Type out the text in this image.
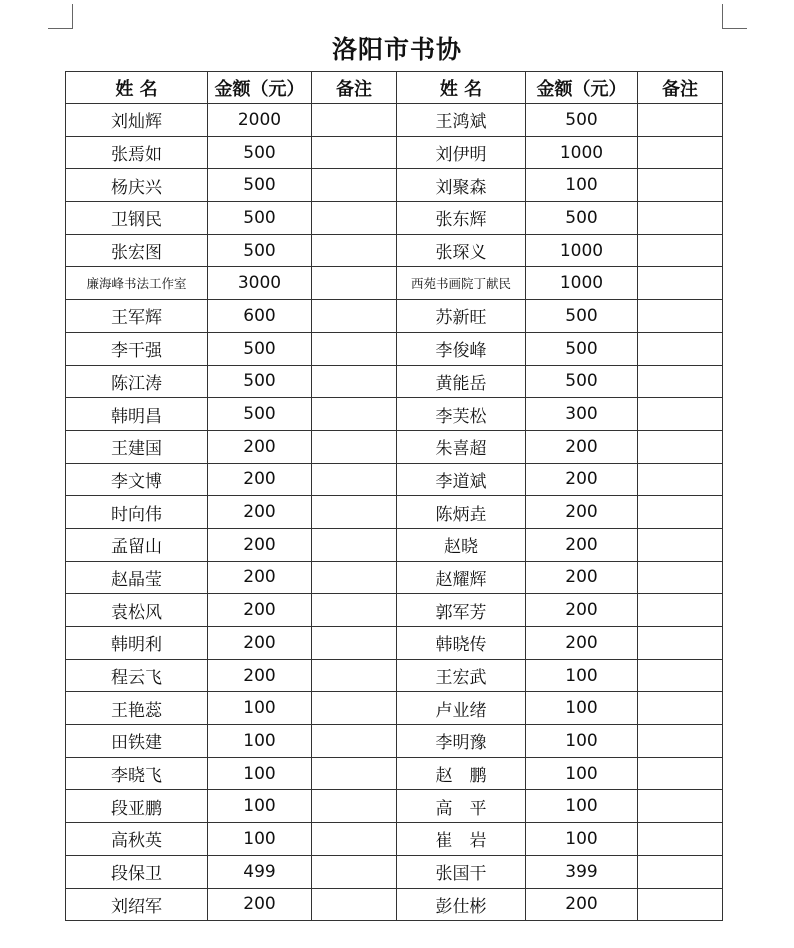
洛阳市书协
姓 名	金额（元）	备注	姓 名	金额（元）	备注
刘灿辉	2000		王鸿斌	500	
张焉如	500		刘伊明	1000	
杨庆兴	500		刘聚森	100	
卫钢民	500		张东辉	500	
张宏图	500		张琛义	1000	
廉海峰书法工作室	3000		西苑书画院丁献民	1000	
王军辉	600		苏新旺	500	
李干强	500		李俊峰	500	
陈江涛	500		黄能岳	500	
韩明昌	500		李芙松	300	
王建国	200		朱喜超	200	
李文博	200		李道斌	200	
时向伟	200		陈炳垚	200	
孟留山	200		赵晓	200	
赵晶莹	200		赵耀辉	200	
袁松风	200		郭军芳	200	
韩明利	200		韩晓传	200	
程云飞	200		王宏武	100	
王艳蕊	100		卢业绪	100	
田铁建	100		李明豫	100	
李晓飞	100		赵　鹏	100	
段亚鹏	100		高　平	100	
高秋英	100		崔　岩	100	
段保卫	499		张国干	399	
刘绍军	200		彭仕彬	200	
